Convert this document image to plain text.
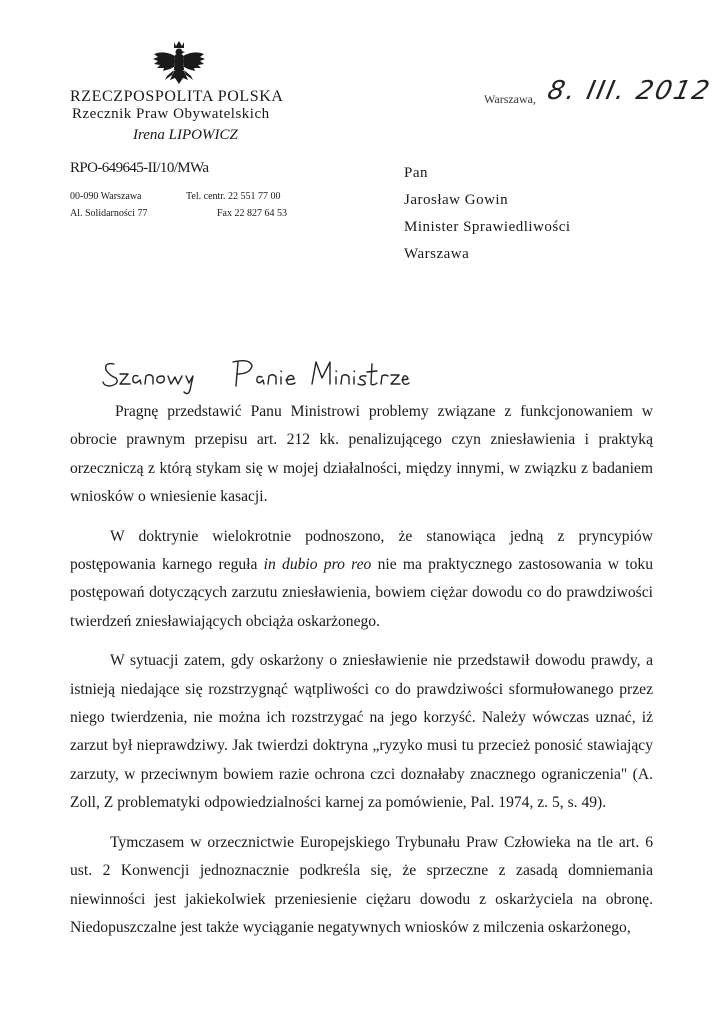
RZECZPOSPOLITA POLSKA
Rzecznik Praw Obywatelskich
Irena LIPOWICZ
RPO-649645-II/10/MWa
00-090 Warszawa
Al. Solidarności 77
Tel. centr. 22 551 77 00
Fax 22 827 64 53
Warszawa, 8. III. 2012
Pan
Jarosław Gowin
Minister Sprawiedliwości
Warszawa

Pragnę przedstawić Panu Ministrowi problemy związane z funkcjonowaniem w obrocie prawnym przepisu art. 212 kk. penalizującego czyn zniesławienia i praktyką orzeczniczą z którą stykam się w mojej działalności, między innymi, w związku z badaniem wniosków o wniesienie kasacji.

W doktrynie wielokrotnie podnoszono, że stanowiąca jedną z pryncypiów postępowania karnego reguła in dubio pro reo nie ma praktycznego zastosowania w toku postępowań dotyczących zarzutu zniesławienia, bowiem ciężar dowodu co do prawdziwości twierdzeń zniesławiających obciąża oskarżonego.

W sytuacji zatem, gdy oskarżony o zniesławienie nie przedstawił dowodu prawdy, a istnieją niedające się rozstrzygnąć wątpliwości co do prawdziwości sformułowanego przez niego twierdzenia, nie można ich rozstrzygać na jego korzyść. Należy wówczas uznać, iż zarzut był nieprawdziwy. Jak twierdzi doktryna „ryzyko musi tu przecież ponosić stawiający zarzuty, w przeciwnym bowiem razie ochrona czci doznałaby znacznego ograniczenia" (A. Zoll, Z problematyki odpowiedzialności karnej za pomówienie, Pal. 1974, z. 5, s. 49).

Tymczasem w orzecznictwie Europejskiego Trybunału Praw Człowieka na tle art. 6 ust. 2 Konwencji jednoznacznie podkreśla się, że sprzeczne z zasadą domniemania niewinności jest jakiekolwiek przeniesienie ciężaru dowodu z oskarżyciela na obronę. Niedopuszczalne jest także wyciąganie negatywnych wniosków z milczenia oskarżonego,
